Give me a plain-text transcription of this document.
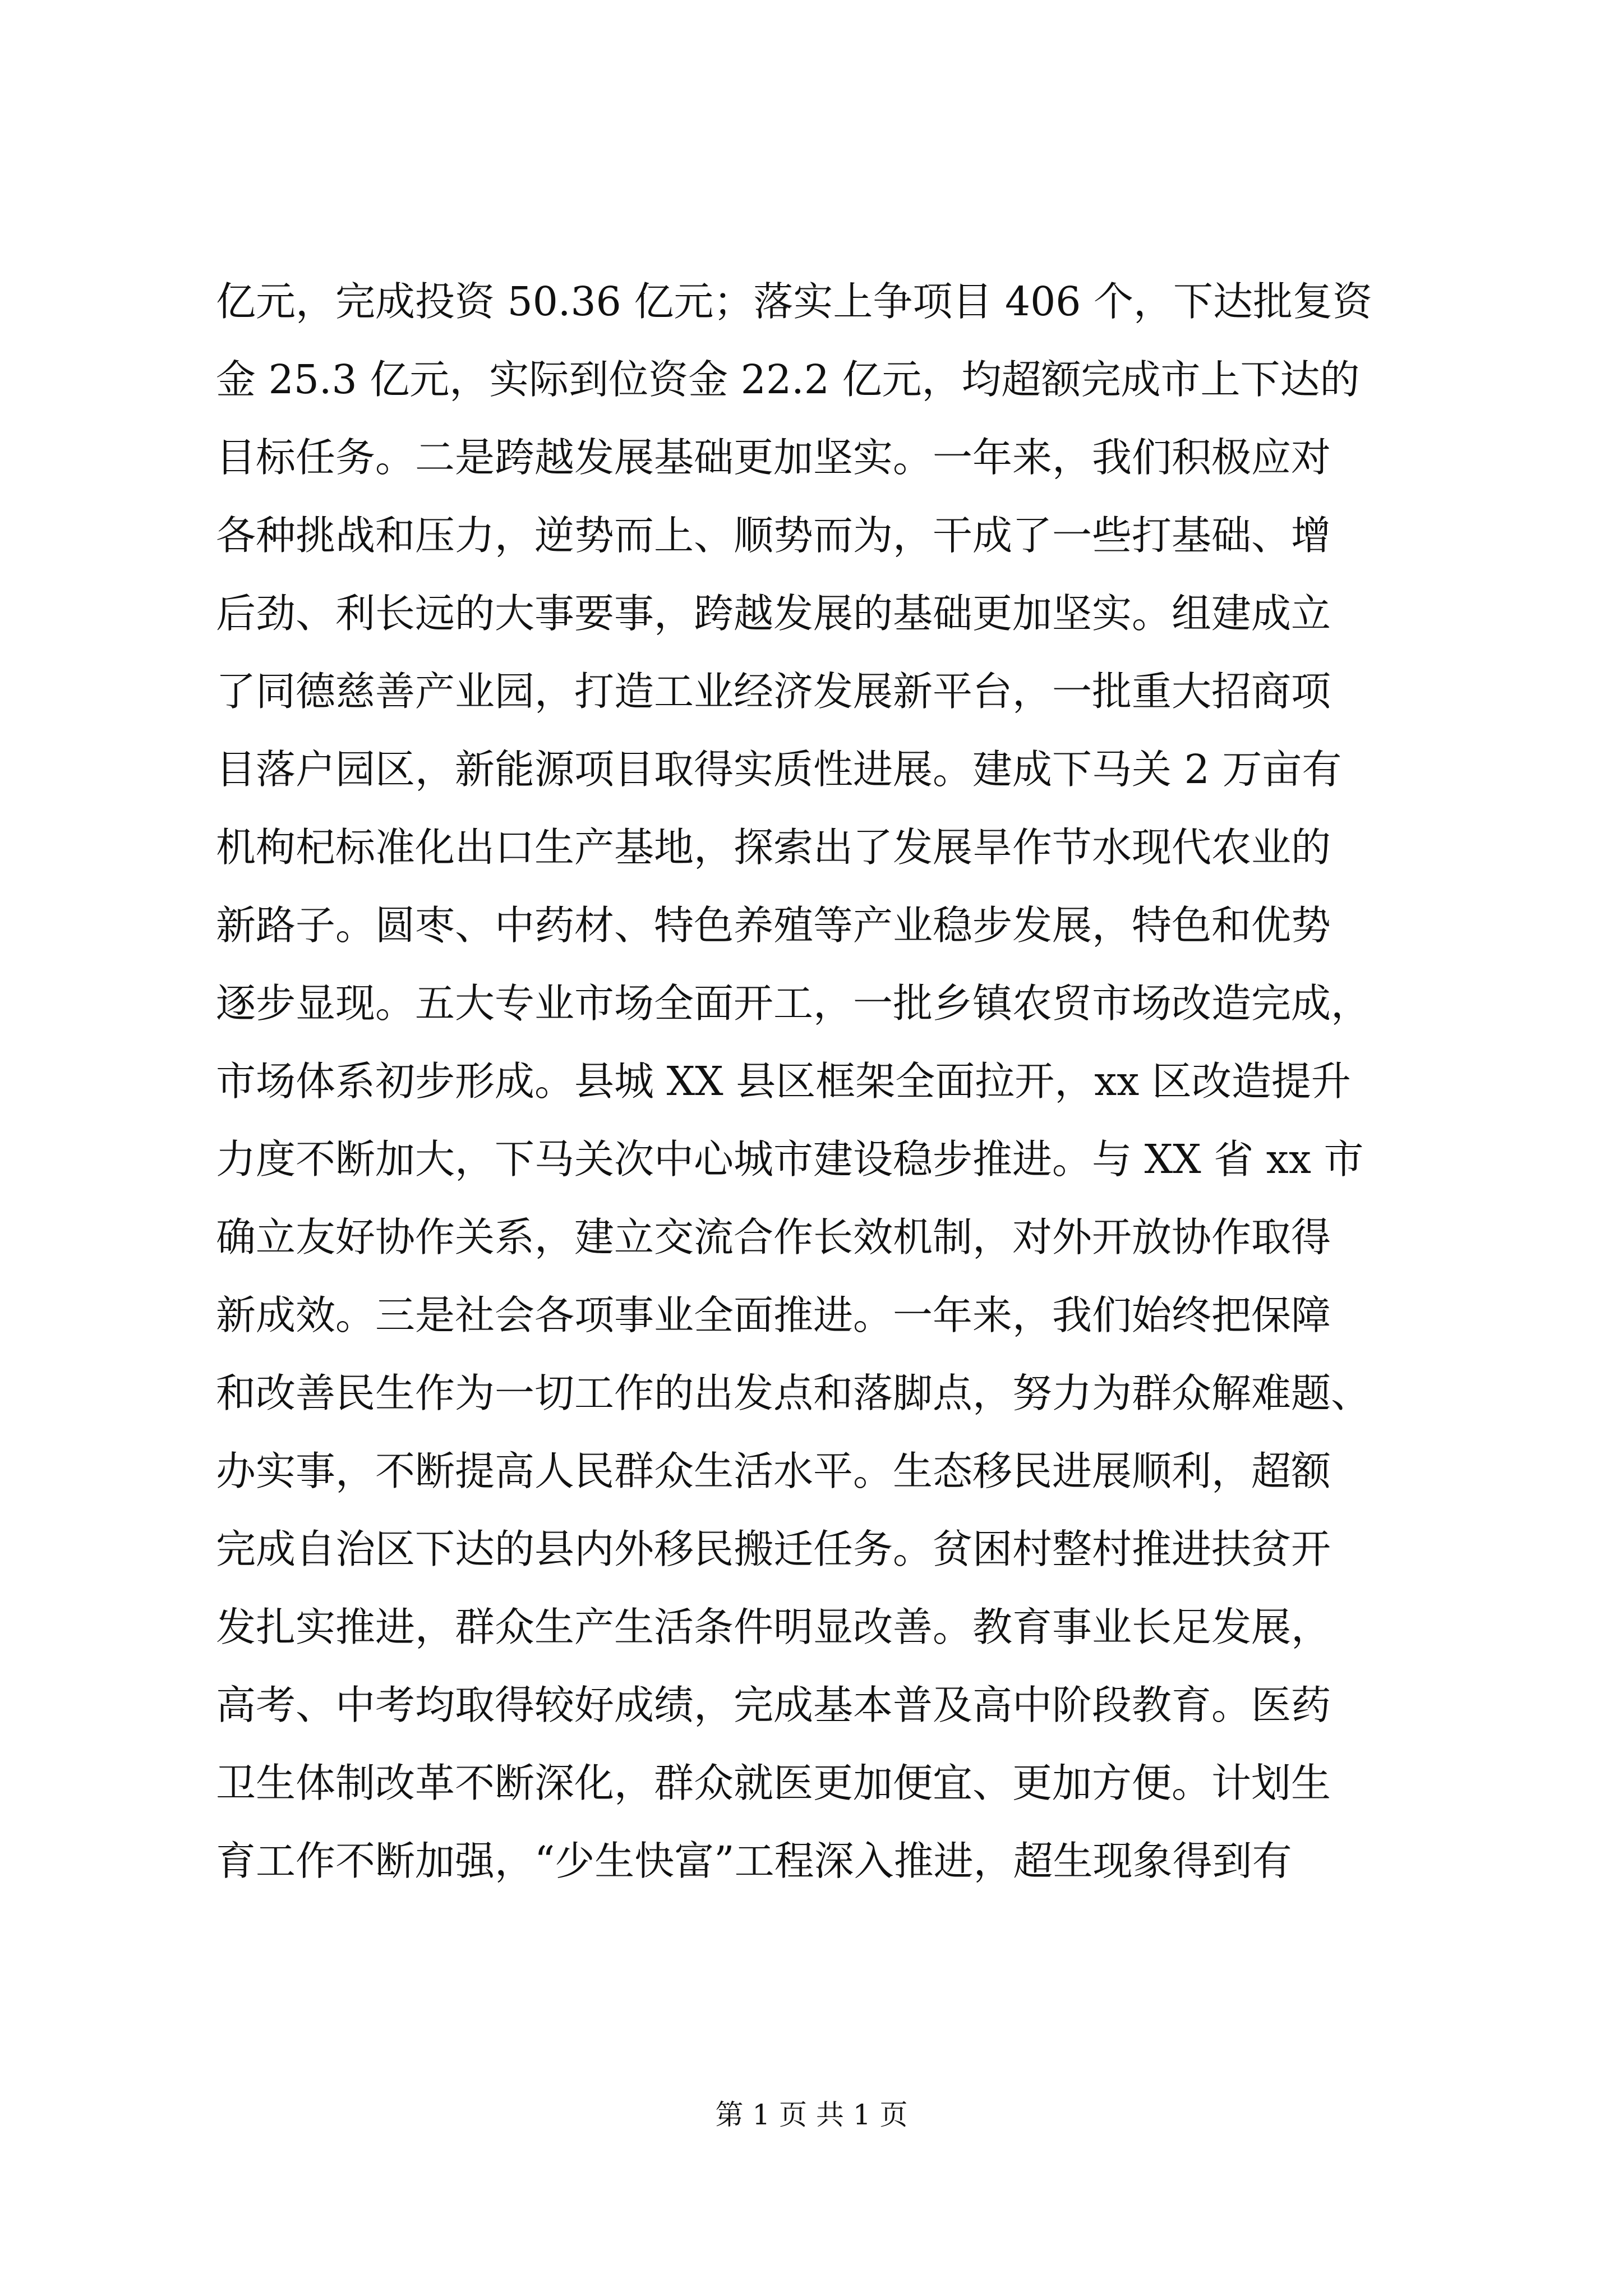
亿元，完成投资 50.36 亿元；落实上争项目 406 个，下达批复资
金 25.3 亿元，实际到位资金 22.2 亿元，均超额完成市上下达的
目标任务。二是跨越发展基础更加坚实。一年来，我们积极应对
各种挑战和压力，逆势而上、顺势而为，干成了一些打基础、增
后劲、利长远的大事要事，跨越发展的基础更加坚实。组建成立
了同德慈善产业园，打造工业经济发展新平台，一批重大招商项
目落户园区，新能源项目取得实质性进展。建成下马关 2 万亩有
机枸杞标准化出口生产基地，探索出了发展旱作节水现代农业的
新路子。圆枣、中药材、特色养殖等产业稳步发展，特色和优势
逐步显现。五大专业市场全面开工，一批乡镇农贸市场改造完成，
市场体系初步形成。县城 XX 县区框架全面拉开，xx 区改造提升
力度不断加大，下马关次中心城市建设稳步推进。与 XX 省 xx 市
确立友好协作关系，建立交流合作长效机制，对外开放协作取得
新成效。三是社会各项事业全面推进。一年来，我们始终把保障
和改善民生作为一切工作的出发点和落脚点，努力为群众解难题、
办实事，不断提高人民群众生活水平。生态移民进展顺利，超额
完成自治区下达的县内外移民搬迁任务。贫困村整村推进扶贫开
发扎实推进，群众生产生活条件明显改善。教育事业长足发展，
高考、中考均取得较好成绩，完成基本普及高中阶段教育。医药
卫生体制改革不断深化，群众就医更加便宜、更加方便。计划生
育工作不断加强，“少生快富”工程深入推进，超生现象得到有
第 1 页 共 1 页
